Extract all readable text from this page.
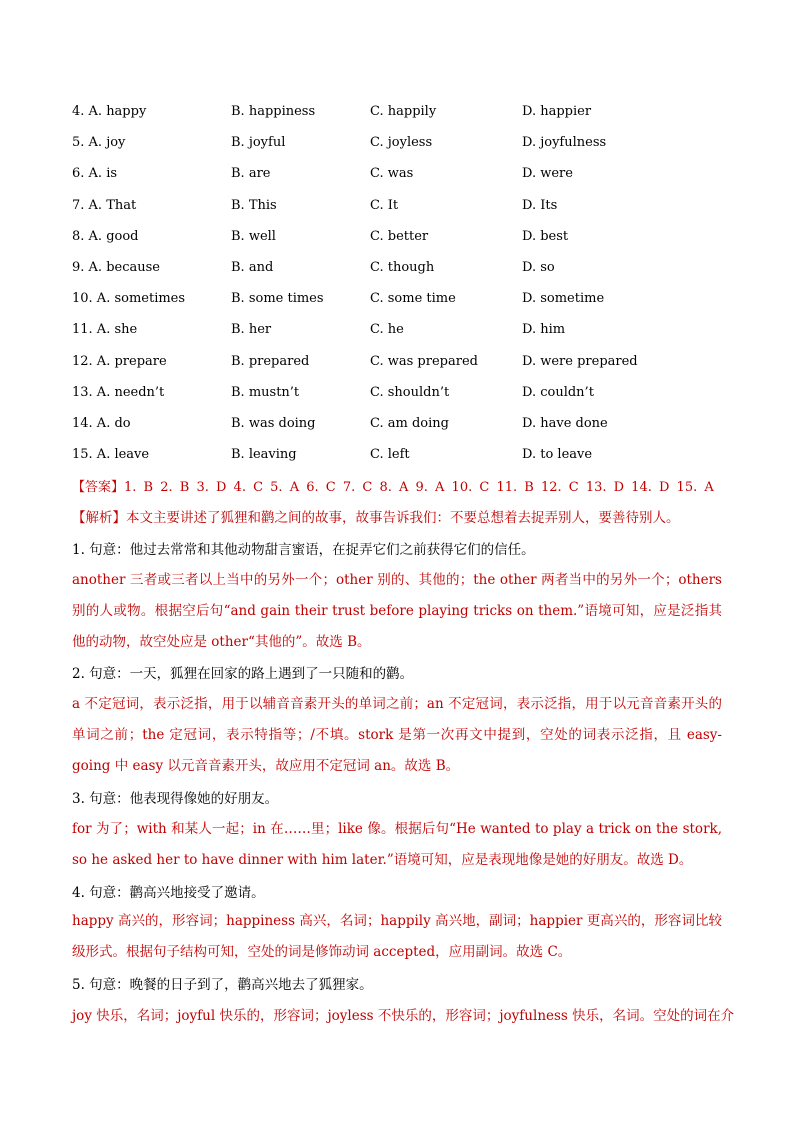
4. A. happy	B. happiness	C. happily	D. happier
5. A. joy	B. joyful	C. joyless	D. joyfulness
6. A. is	B. are	C. was	D. were
7. A. That	B. This	C. It	D. Its
8. A. good	B. well	C. better	D. best
9. A. because	B. and	C. though	D. so
10. A. sometimes	B. some times	C. some time	D. sometime
11. A. she	B. her	C. he	D. him
12. A. prepare	B. prepared	C. was prepared	D. were prepared
13. A. needn’t	B. mustn’t	C. shouldn’t	D. couldn’t
14. A. do	B. was doing	C. am doing	D. have done
15. A. leave	B. leaving	C. left	D. to leave
【答案】1. B 2. B 3. D 4. C 5. A 6. C 7. C 8. A 9. A 10. C 11. B 12. C 13. D 14. D 15. A
【解析】本文主要讲述了狐狸和鹳之间的故事，故事告诉我们：不要总想着去捉弄别人，要善待别人。
1. 句意：他过去常常和其他动物甜言蜜语，在捉弄它们之前获得它们的信任。
another 三者或三者以上当中的另外一个；other 别的、其他的；the other 两者当中的另外一个；others 别的人或物。根据空后句“and gain their trust before playing tricks on them.”语境可知，应是泛指其他的动物，故空处应是 other“其他的”。故选 B。
2. 句意：一天，狐狸在回家的路上遇到了一只随和的鹳。
a 不定冠词，表示泛指，用于以辅音音素开头的单词之前；an 不定冠词，表示泛指，用于以元音音素开头的单词之前；the 定冠词，表示特指等；/不填。stork 是第一次再文中提到，空处的词表示泛指，且 easy-going 中 easy 以元音音素开头，故应用不定冠词 an。故选 B。
3. 句意：他表现得像她的好朋友。
for 为了；with 和某人一起；in 在……里；like 像。根据后句“He wanted to play a trick on the stork, so he asked her to have dinner with him later.”语境可知，应是表现地像是她的好朋友。故选 D。
4. 句意：鹳高兴地接受了邀请。
happy 高兴的，形容词；happiness 高兴，名词；happily 高兴地，副词；happier 更高兴的，形容词比较级形式。根据句子结构可知，空处的词是修饰动词 accepted，应用副词。故选 C。
5. 句意：晚餐的日子到了，鹳高兴地去了狐狸家。
joy 快乐，名词；joyful 快乐的，形容词；joyless 不快乐的，形容词；joyfulness 快乐，名词。空处的词在介
